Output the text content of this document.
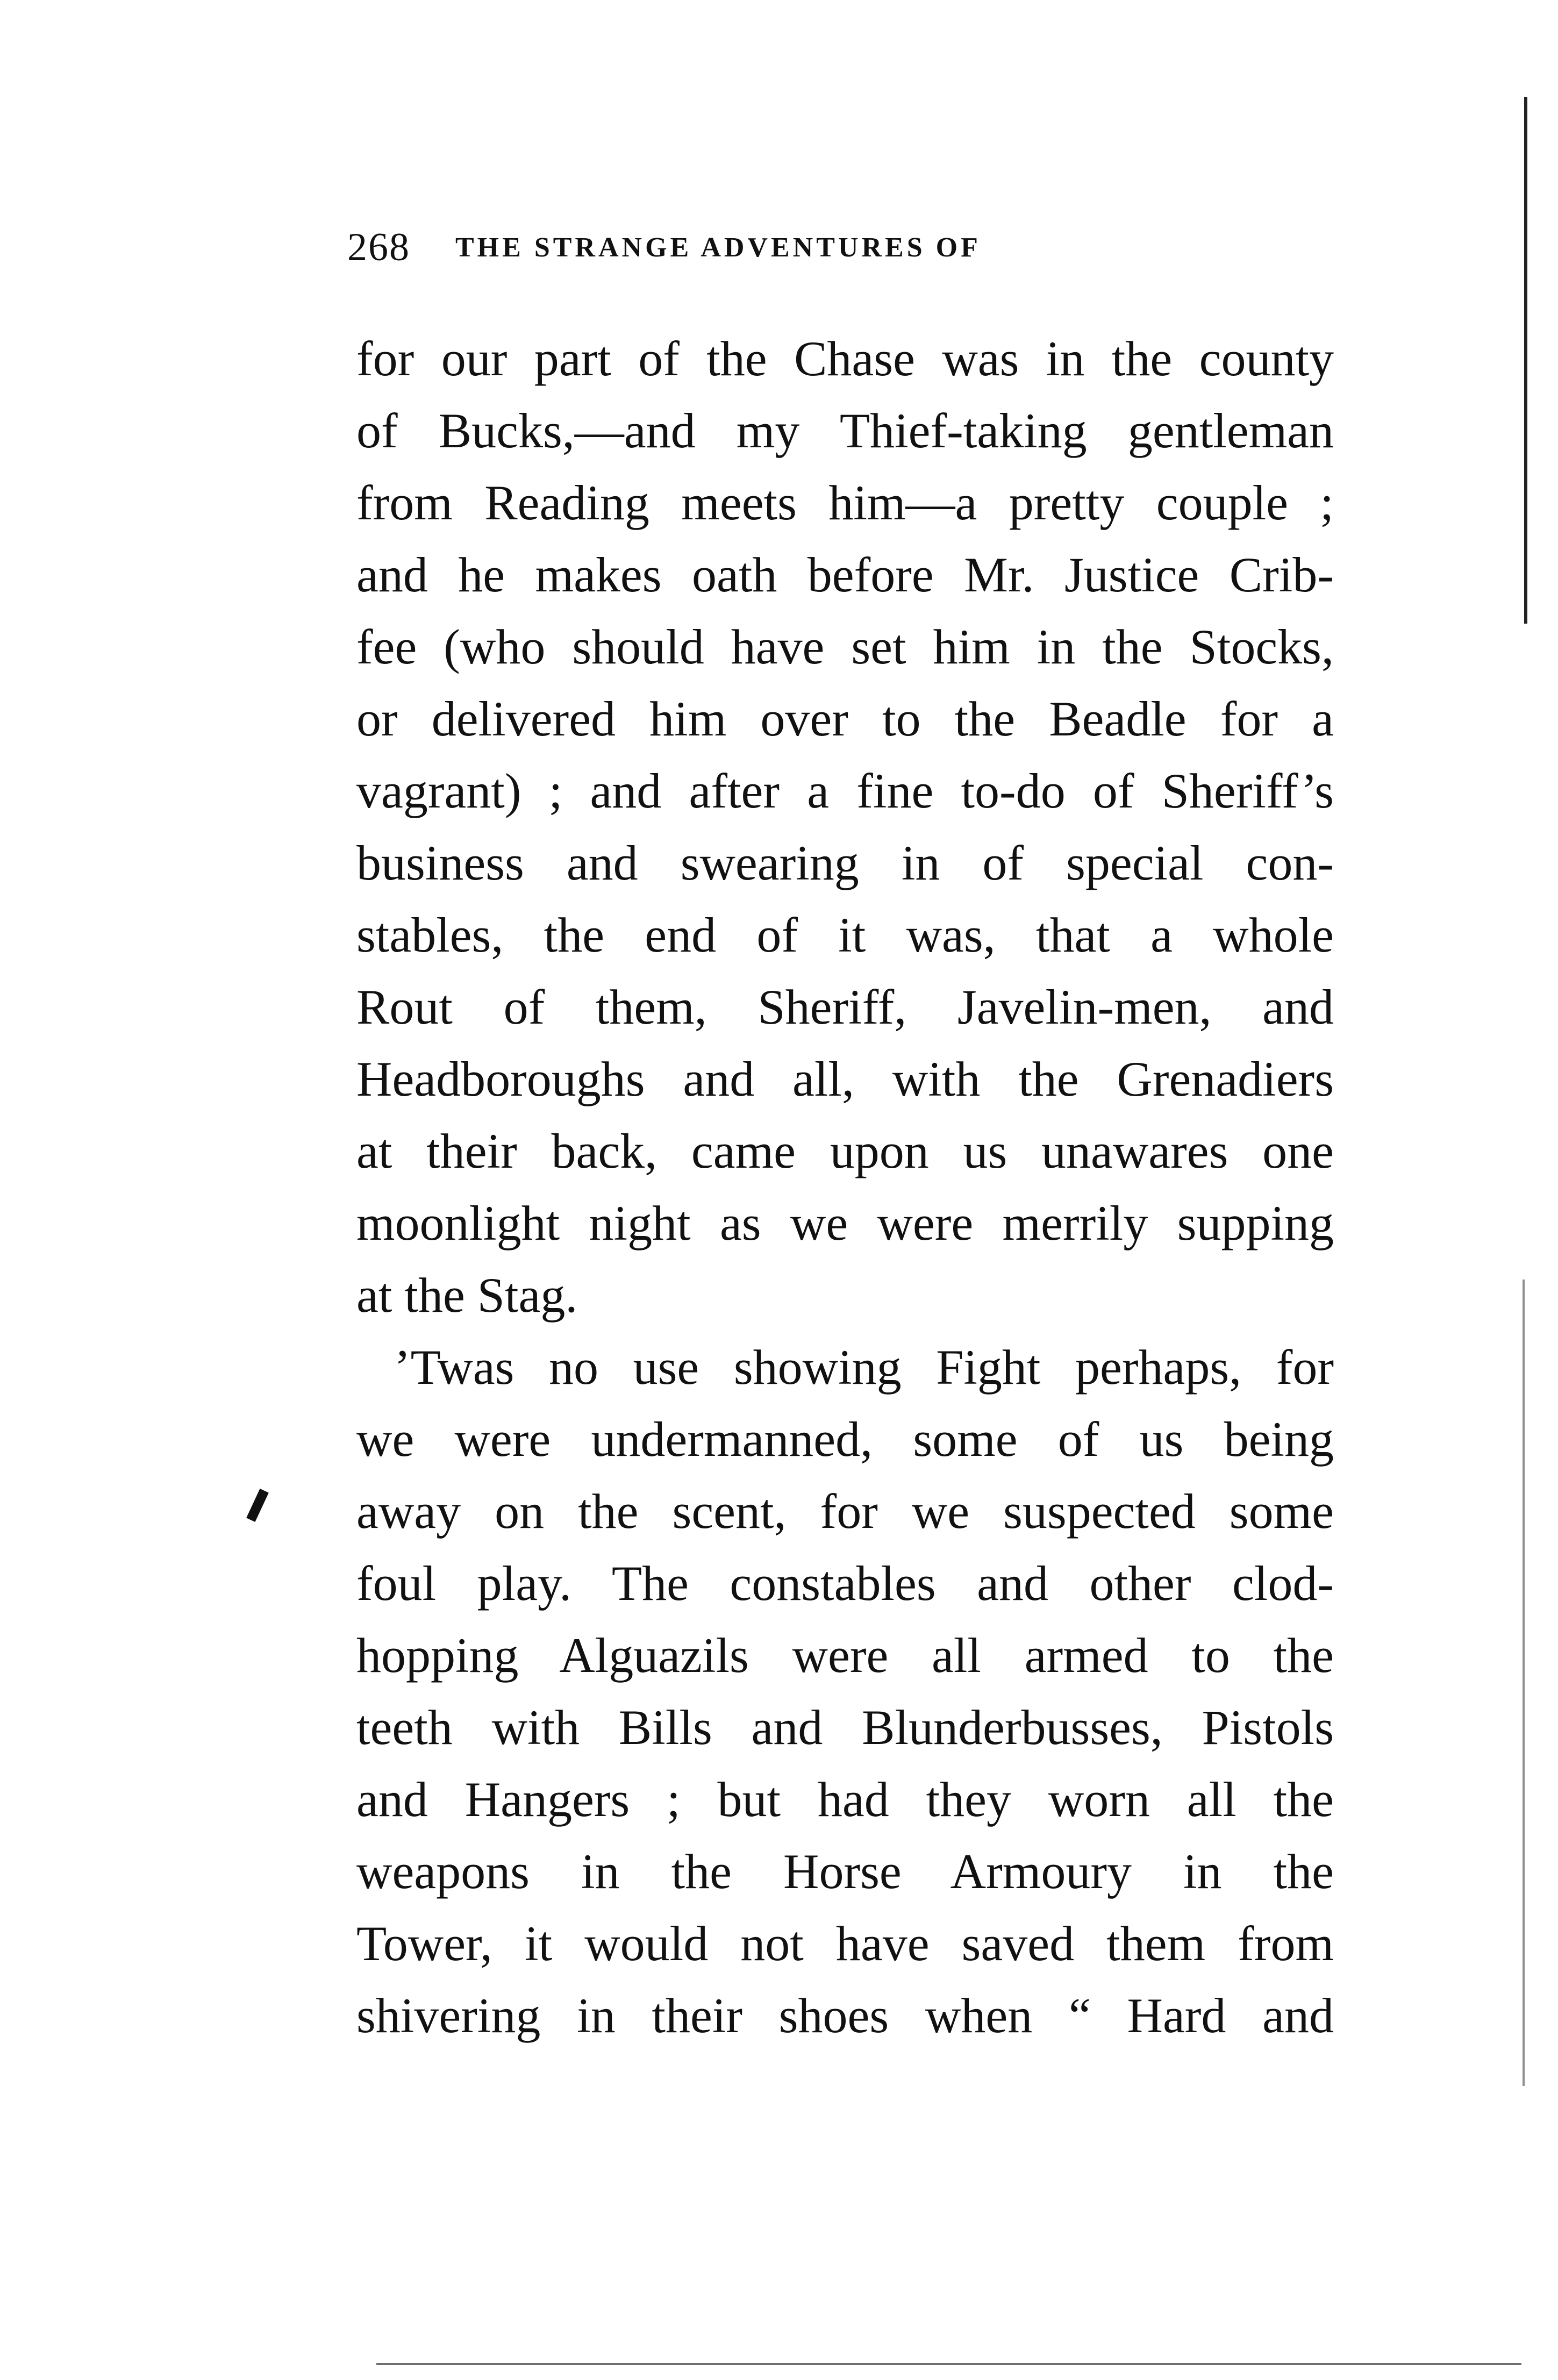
268 THE STRANGE ADVENTURES OF
for our part of the Chase was in the county
of Bucks,—and my Thief-taking gentleman
from Reading meets him—a pretty couple ;
and he makes oath before Mr. Justice Crib-
fee (who should have set him in the Stocks,
or delivered him over to the Beadle for a
vagrant) ; and after a fine to-do of Sheriff’s
business and swearing in of special con-
stables, the end of it was, that a whole
Rout of them, Sheriff, Javelin-men, and
Headboroughs and all, with the Grenadiers
at their back, came upon us unawares one
moonlight night as we were merrily supping
at the Stag.
’Twas no use showing Fight perhaps, for
we were undermanned, some of us being
away on the scent, for we suspected some
foul play. The constables and other clod-
hopping Alguazils were all armed to the
teeth with Bills and Blunderbusses, Pistols
and Hangers ; but had they worn all the
weapons in the Horse Armoury in the
Tower, it would not have saved them from
shivering in their shoes when “ Hard and
